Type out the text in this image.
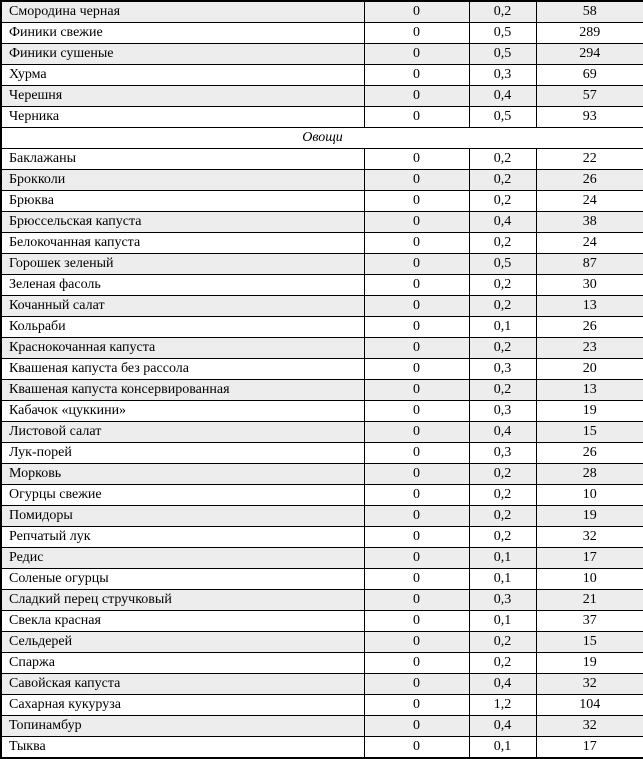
Смородина черная	0	0,2	58
Финики свежие	0	0,5	289
Финики сушеные	0	0,5	294
Хурма	0	0,3	69
Черешня	0	0,4	57
Черника	0	0,5	93
Овощи			
Баклажаны	0	0,2	22
Брокколи	0	0,2	26
Брюква	0	0,2	24
Брюссельская капуста	0	0,4	38
Белокочанная капуста	0	0,2	24
Горошек зеленый	0	0,5	87
Зеленая фасоль	0	0,2	30
Кочанный салат	0	0,2	13
Кольраби	0	0,1	26
Краснокочанная капуста	0	0,2	23
Квашеная капуста без рассола	0	0,3	20
Квашеная капуста консервированная	0	0,2	13
Кабачок «цуккини»	0	0,3	19
Листовой салат	0	0,4	15
Лук-порей	0	0,3	26
Морковь	0	0,2	28
Огурцы свежие	0	0,2	10
Помидоры	0	0,2	19
Репчатый лук	0	0,2	32
Редис	0	0,1	17
Соленые огурцы	0	0,1	10
Сладкий перец стручковый	0	0,3	21
Свекла красная	0	0,1	37
Сельдерей	0	0,2	15
Спаржа	0	0,2	19
Савойская капуста	0	0,4	32
Сахарная кукуруза	0	1,2	104
Топинамбур	0	0,4	32
Тыква	0	0,1	17
